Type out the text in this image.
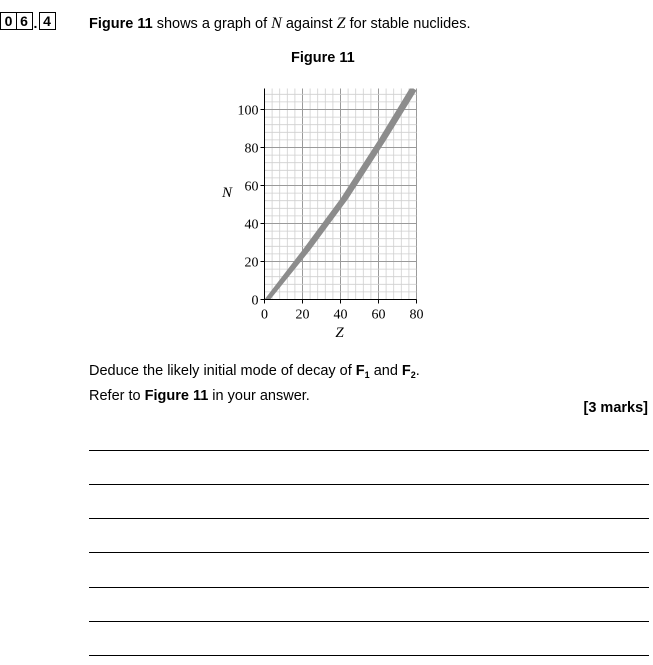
0 6 . 4	Figure 11 shows a graph of N against Z for stable nuclides.
Figure 11
0
20
40
60
80
100
0 20 40 60 80
Z
N
Deduce the likely initial mode of decay of $F_1$ and $F_2$.
Refer to Figure 11 in your answer.
[3 marks]
